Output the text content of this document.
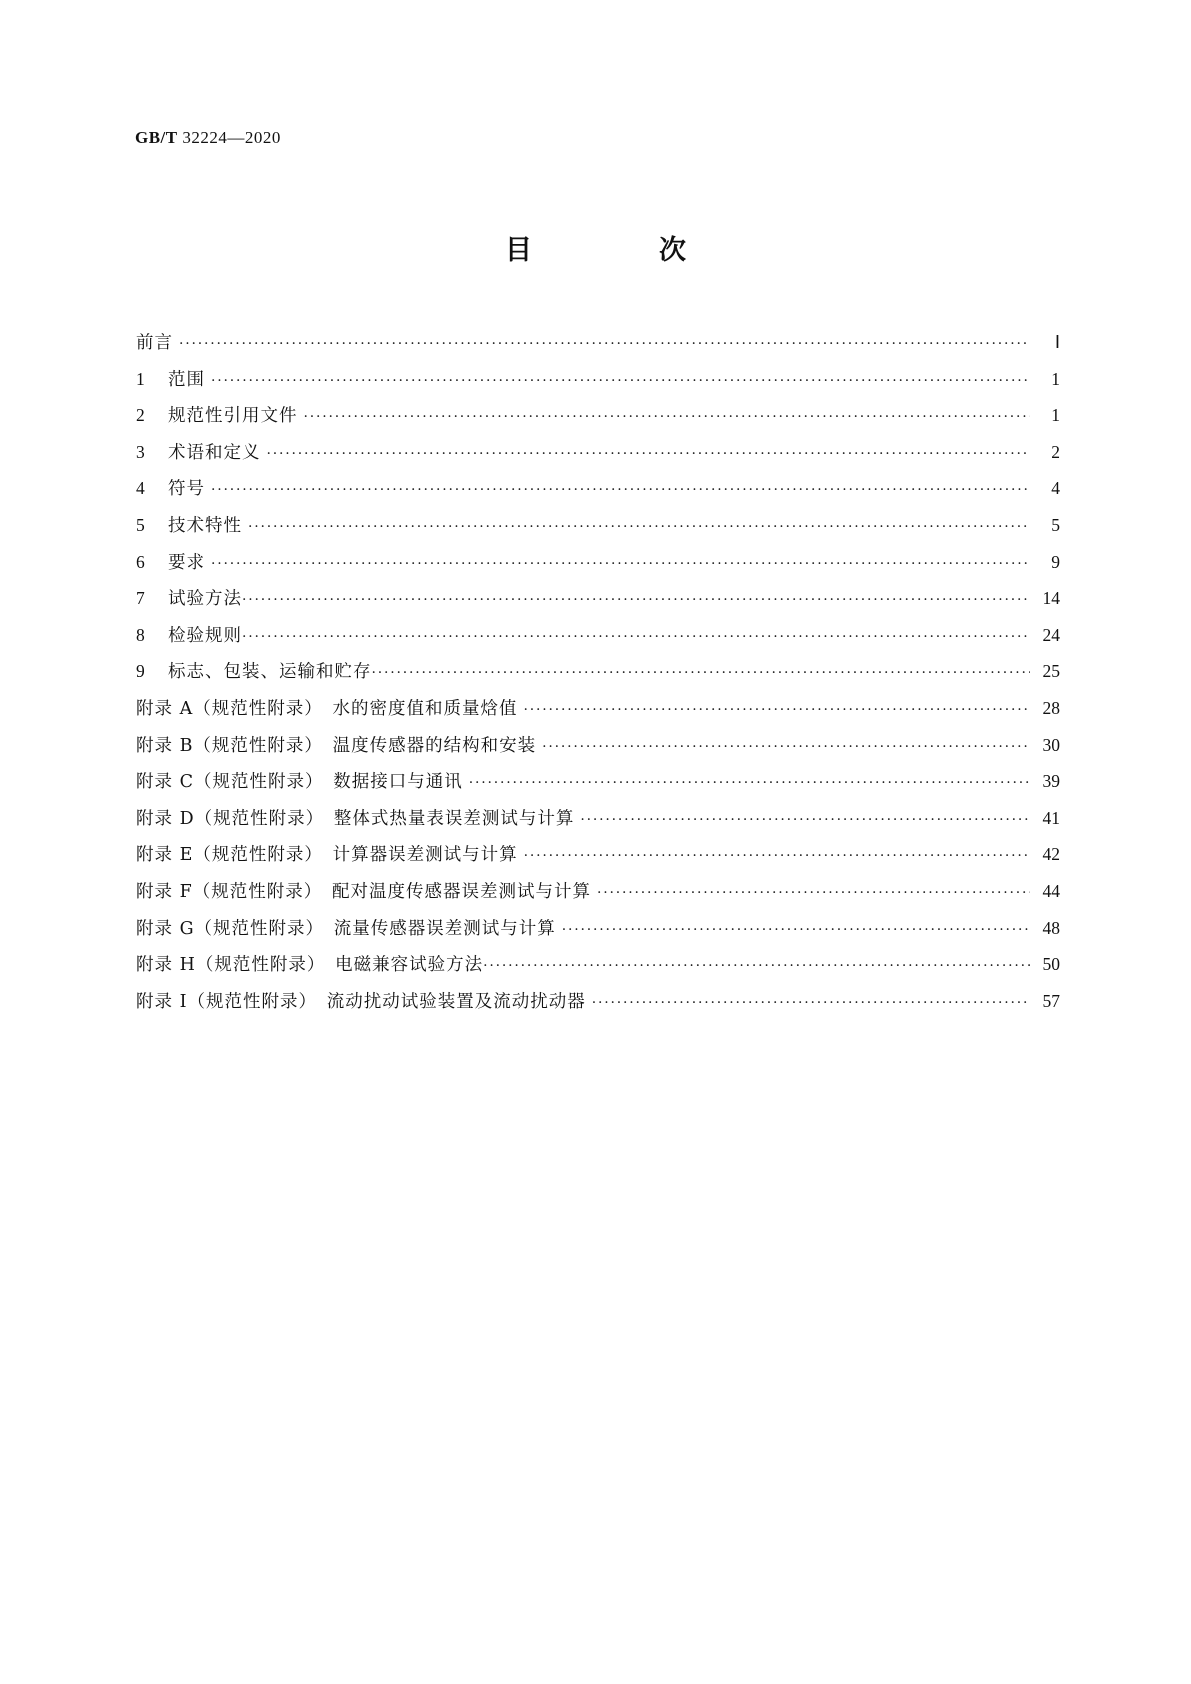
GB/T 32224—2020
目　次
前言 ·····	Ⅰ
1 范围 ·····	1
2 规范性引用文件 ·····	1
3 术语和定义 ·····	2
4 符号 ·····	4
5 技术特性 ·····	5
6 要求 ·····	9
7 试验方法 ·····	14
8 检验规则 ·····	24
9 标志、包装、运输和贮存 ·····	25
附录 A（规范性附录）　水的密度值和质量焓值 ·····	28
附录 B（规范性附录）　温度传感器的结构和安装 ·····	30
附录 C（规范性附录）　数据接口与通讯 ·····	39
附录 D（规范性附录）　整体式热量表误差测试与计算 ·····	41
附录 E（规范性附录）　计算器误差测试与计算 ·····	42
附录 F（规范性附录）　配对温度传感器误差测试与计算 ·····	44
附录 G（规范性附录）　流量传感器误差测试与计算 ·····	48
附录 H（规范性附录）　电磁兼容试验方法 ·····	50
附录 I（规范性附录）　流动扰动试验装置及流动扰动器 ·····	57
